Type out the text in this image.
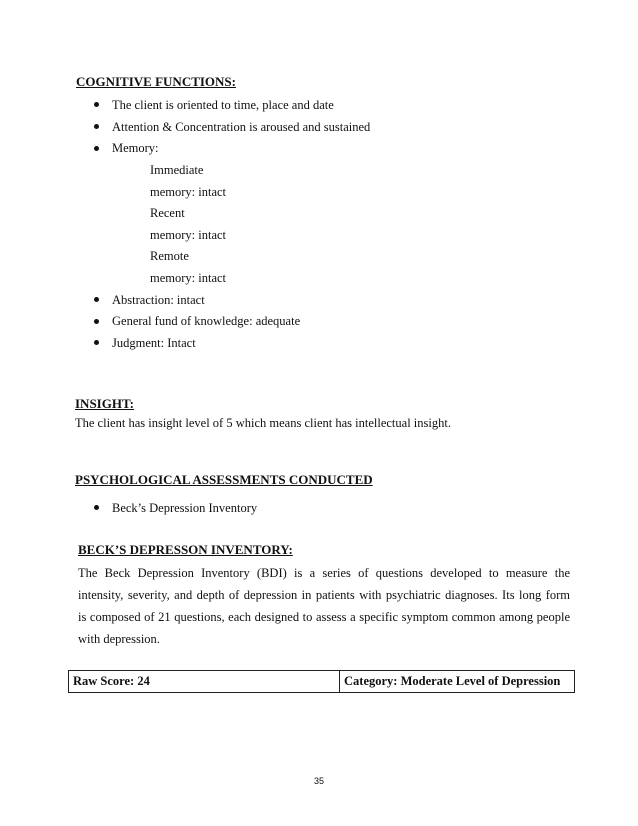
COGNITIVE FUNCTIONS:
The client is oriented to time, place and date
Attention & Concentration is aroused and sustained
Memory:
Immediate
memory: intact
Recent
memory: intact
Remote
memory: intact
Abstraction: intact
General fund of knowledge: adequate
Judgment: Intact
INSIGHT:
The client has insight level of 5 which means client has intellectual insight.
PSYCHOLOGICAL ASSESSMENTS CONDUCTED
Beck’s Depression Inventory
BECK’S DEPRESSON INVENTORY:
The Beck Depression Inventory (BDI) is a series of questions developed to measure the
intensity, severity, and depth of depression in patients with psychiatric diagnoses. Its long form
is composed of 21 questions, each designed to assess a specific symptom common among people
with depression.
Raw Score: 24	Category: Moderate Level of Depression
35
